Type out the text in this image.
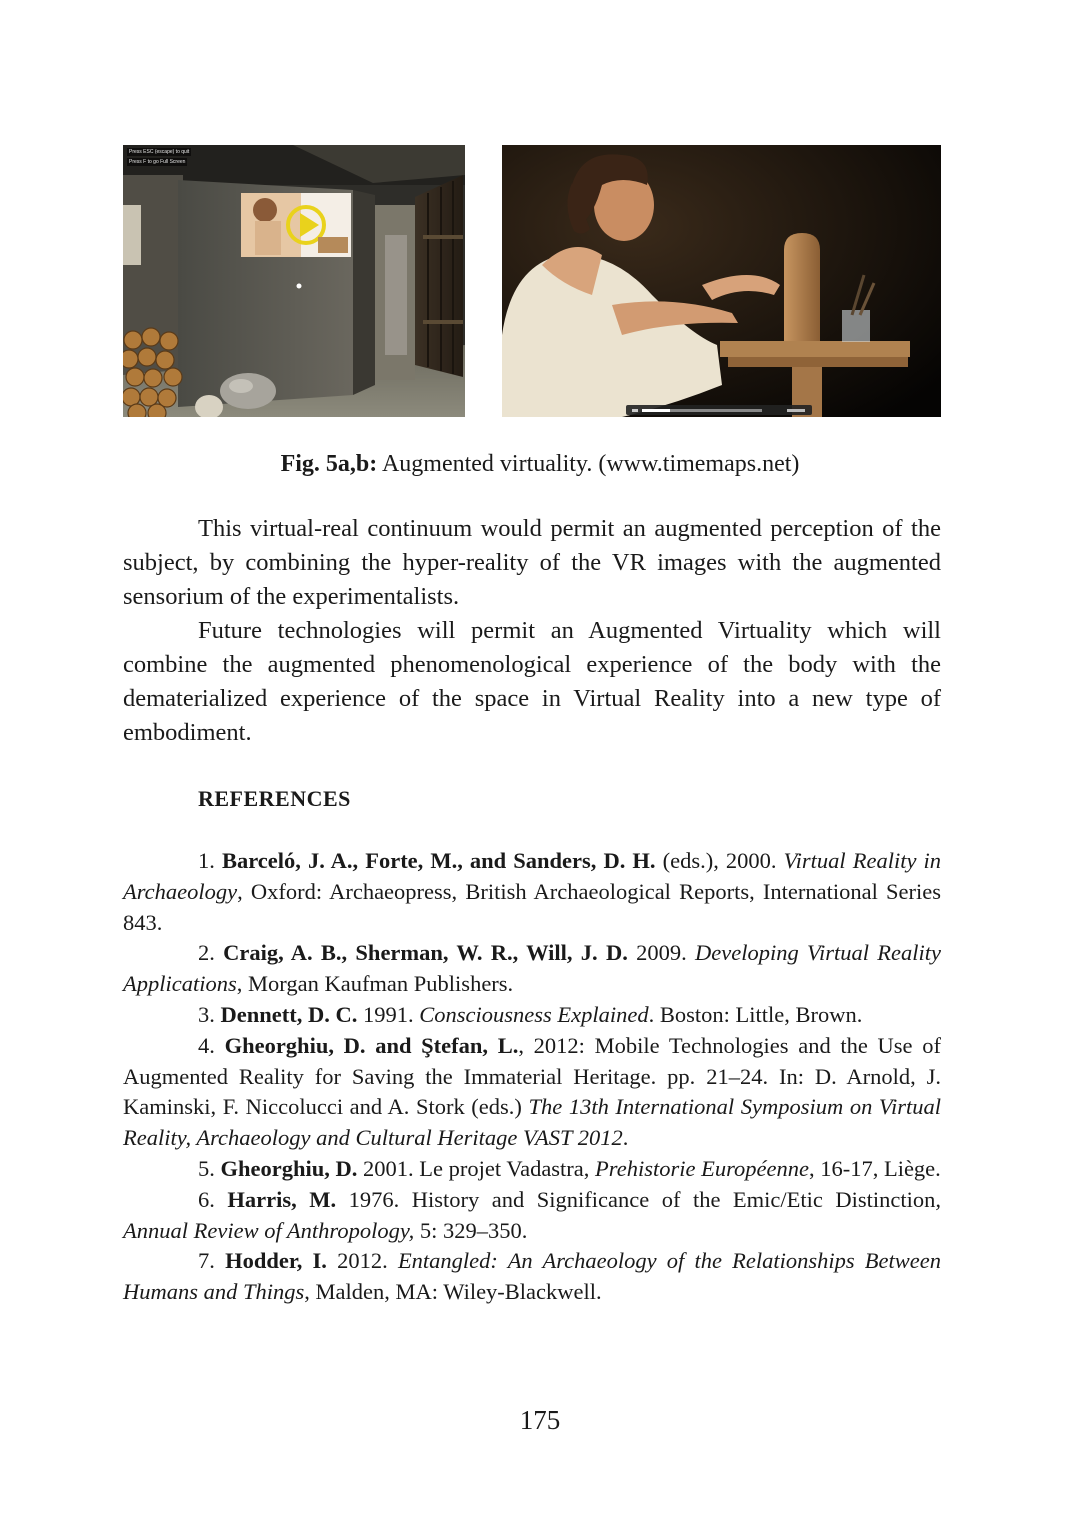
Press ESC (escape) to quit
Press F to go Full Screen
Fig. 5a,b: Augmented virtuality. (www.timemaps.net)

This virtual-real continuum would permit an augmented perception of the subject, by combining the hyper-reality of the VR images with the augmented sensorium of the experimentalists.

Future technologies will permit an Augmented Virtuality which will combine the augmented phenomenological experience of the body with the dematerialized experience of the space in Virtual Reality into a new type of embodiment.

REFERENCES

1. Barceló, J. A., Forte, M., and Sanders, D. H. (eds.), 2000. Virtual Reality in Archaeology, Oxford: Archaeopress, British Archaeological Reports, International Series 843.

2. Craig, A. B., Sherman, W. R., Will, J. D. 2009. Developing Virtual Reality Applications, Morgan Kaufman Publishers.

3. Dennett, D. C. 1991. Consciousness Explained. Boston: Little, Brown.

4. Gheorghiu, D. and Ştefan, L., 2012: Mobile Technologies and the Use of Augmented Reality for Saving the Immaterial Heritage. pp. 21–24. In: D. Arnold, J. Kaminski, F. Niccolucci and A. Stork (eds.) The 13th International Symposium on Virtual Reality, Archaeology and Cultural Heritage VAST 2012.

5. Gheorghiu, D. 2001. Le projet Vadastra, Prehistorie Européenne, 16-17, Liège.

6. Harris, M. 1976. History and Significance of the Emic/Etic Distinction, Annual Review of Anthropology, 5: 329–350.

7. Hodder, I. 2012. Entangled: An Archaeology of the Relationships Between Humans and Things, Malden, MA: Wiley-Blackwell.

175
